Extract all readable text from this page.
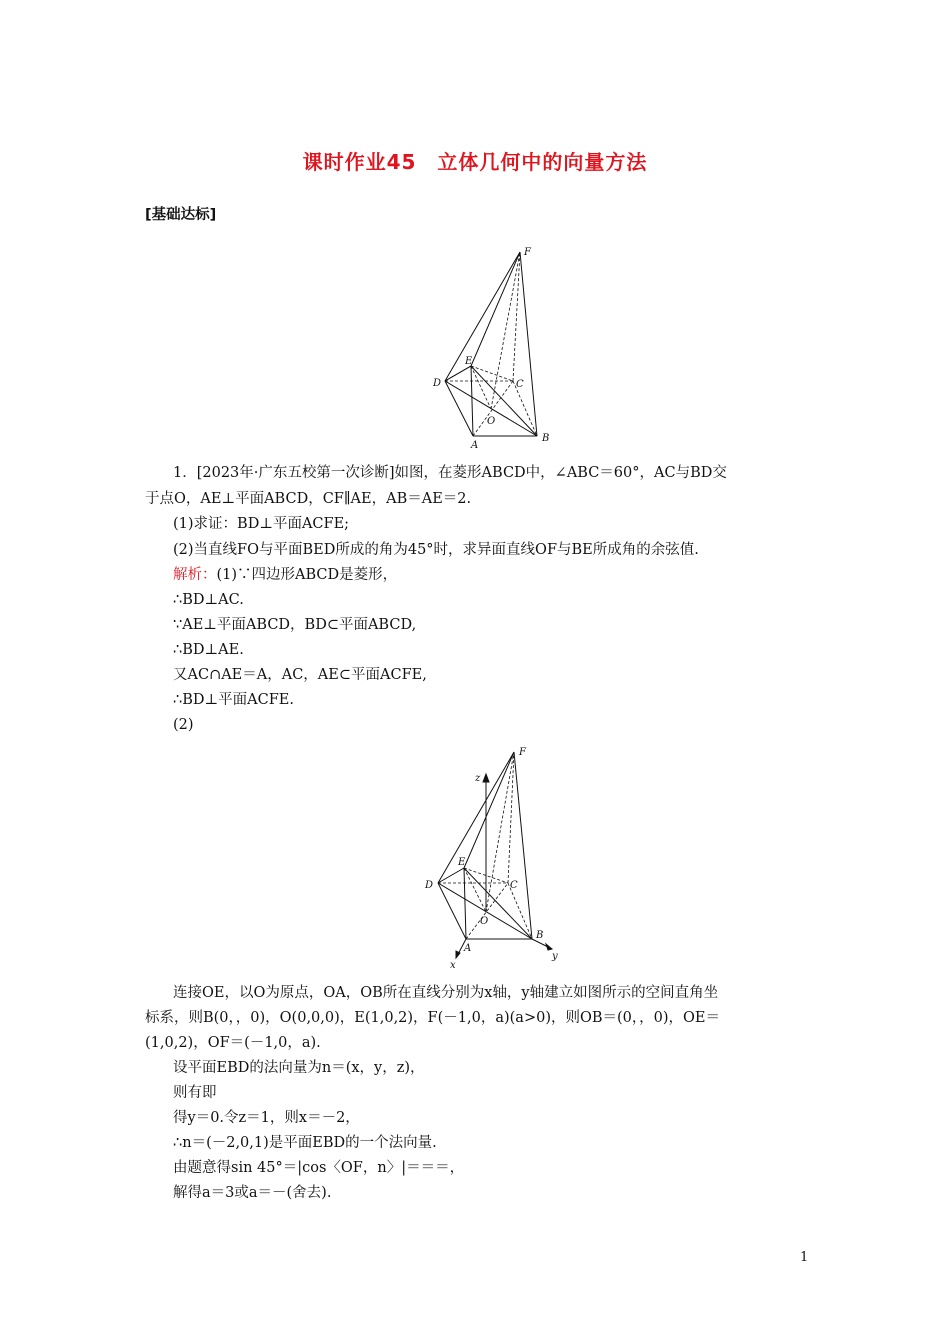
课时作业45　立体几何中的向量方法
[基础达标]
F
E
D	C
O
A
B
1．[2023年·广东五校第一次诊断]如图，在菱形ABCD中，∠ABC＝60°，AC与BD交
于点O，AE⊥平面ABCD，CF∥AE，AB＝AE＝2.
(1)求证：BD⊥平面ACFE;
(2)当直线FO与平面BED所成的角为45°时，求异面直线OF与BE所成角的余弦值.
解析：(1)∵四边形ABCD是菱形，
∴BD⊥AC.
∵AE⊥平面ABCD，BD⊂平面ABCD,
∴BD⊥AE.
又AC∩AE＝A，AC，AE⊂平面ACFE,
∴BD⊥平面ACFE.
(2)
F
z
E
D	C
O
A
B
x
y
连接OE，以O为原点，OA，OB所在直线分别为x轴，y轴建立如图所示的空间直角坐
标系，则B(0，，0)，O(0,0,0)，E(1,0,2)，F(－1,0，a)(a>0)，则OB＝(0，，0)，OE＝
(1,0,2)，OF＝(－1,0，a).
设平面EBD的法向量为n＝(x，y，z)，
则有即
得y＝0.令z＝1，则x＝－2，
∴n＝(－2,0,1)是平面EBD的一个法向量.
由题意得sin 45°＝|cos〈OF，n〉|＝＝＝，
解得a＝3或a＝－(舍去).
1
